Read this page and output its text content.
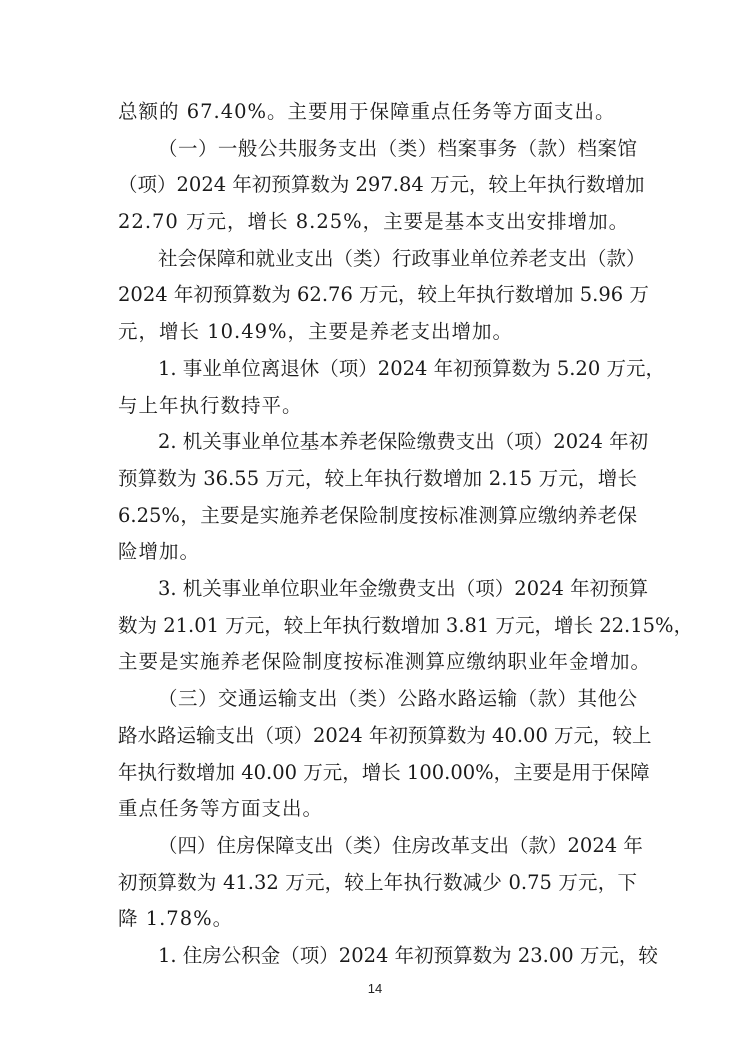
总额的 67.40%。主要用于保障重点任务等方面支出。
（一）一般公共服务支出（类）档案事务（款）档案馆
（项）2024 年初预算数为 297.84 万元，较上年执行数增加
22.70 万元，增长 8.25%，主要是基本支出安排增加。
社会保障和就业支出（类）行政事业单位养老支出（款）
2024 年初预算数为 62.76 万元，较上年执行数增加 5.96 万
元，增长 10.49%，主要是养老支出增加。
1. 事业单位离退休（项）2024 年初预算数为 5.20 万元，
与上年执行数持平。
2. 机关事业单位基本养老保险缴费支出（项）2024 年初
预算数为 36.55 万元，较上年执行数增加 2.15 万元，增长
6.25%，主要是实施养老保险制度按标准测算应缴纳养老保
险增加。
3. 机关事业单位职业年金缴费支出（项）2024 年初预算
数为 21.01 万元，较上年执行数增加 3.81 万元，增长 22.15%，
主要是实施养老保险制度按标准测算应缴纳职业年金增加。
（三）交通运输支出（类）公路水路运输（款）其他公
路水路运输支出（项）2024 年初预算数为 40.00 万元，较上
年执行数增加 40.00 万元，增长 100.00%，主要是用于保障
重点任务等方面支出。
（四）住房保障支出（类）住房改革支出（款）2024 年
初预算数为 41.32 万元，较上年执行数减少 0.75 万元，下
降 1.78%。
1. 住房公积金（项）2024 年初预算数为 23.00 万元，较
14
